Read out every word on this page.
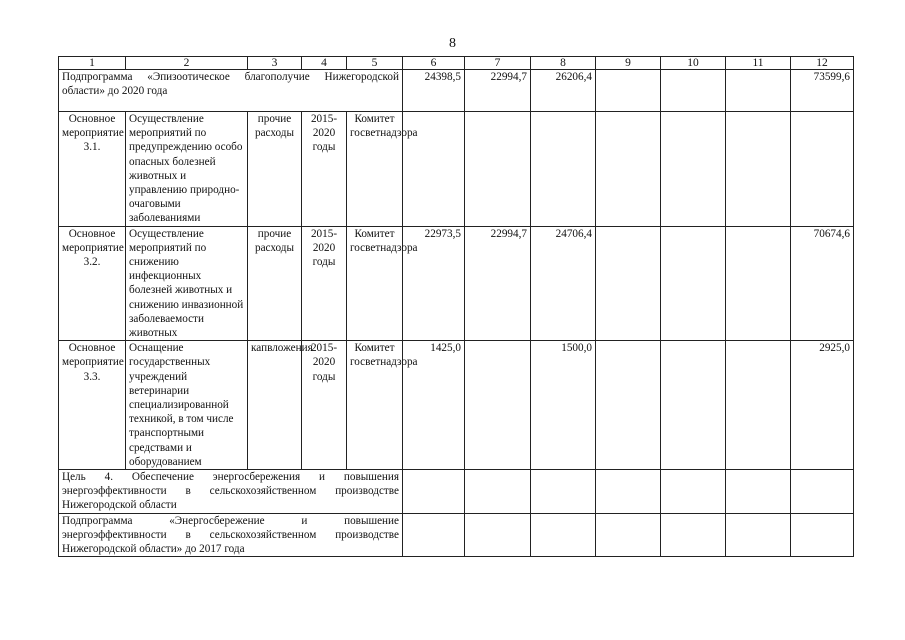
8
1	2	3	4	5	6	7	8	9	10	11	12
Подпрограмма «Эпизоотическое благополучие Нижегородской области» до 2020 года					24398,5	22994,7	26206,4				73599,6
Основное мероприятие 3.1.	Осуществление мероприятий по предупреждению особо опасных болезней животных и управлению природно-очаговыми заболеваниями	прочие расходы	2015-2020 годы	Комитет госветнадзора							
Основное мероприятие 3.2.	Осуществление мероприятий по снижению инфекционных болезней животных и снижению инвазионной заболеваемости животных	прочие расходы	2015-2020 годы	Комитет госветнадзора	22973,5	22994,7	24706,4				70674,6
Основное мероприятие 3.3.	Оснащение государственных учреждений ветеринарии специализированной техникой, в том числе транспортными средствами и оборудованием	капвложения	2015-2020 годы	Комитет госветнадзора	1425,0		1500,0				2925,0
Цель 4. Обеспечение энергосбережения и повышения энергоэффективности в сельскохозяйственном производстве Нижегородской области											
Подпрограмма «Энергосбережение и повышение энергоэффективности в сельскохозяйственном производстве Нижегородской области» до 2017 года											
